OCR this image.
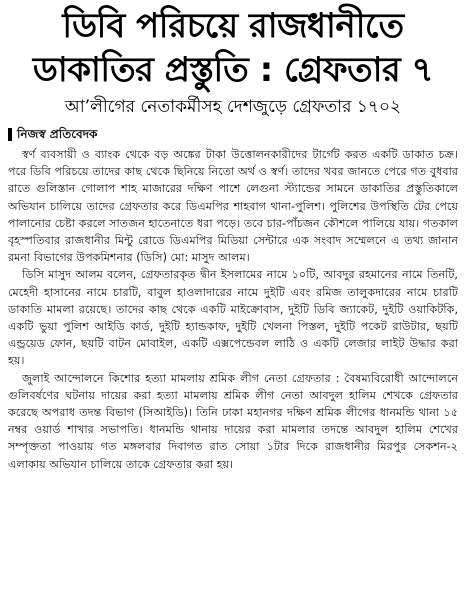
ডিবি পরিচয়ে রাজধানীতে
ডাকাতির প্রস্তুতি : গ্রেফতার ৭
আ’লীগের নেতাকর্মীসহ দেশজুড়ে গ্রেফতার ১৭০২
নিজস্ব প্রতিবেদক

স্বর্ণ ব্যবসায়ী ও ব্যাংক থেকে বড় অঙ্কের টাকা উত্তোলনকারীদের টার্গেট করত একটি ডাকাত চক্র। পরে ডিবি পরিচয়ে তাদের কাছ থেকে ছিনিয়ে নিতো অর্থ ও স্বর্ণ। তাদের খবর জানতে পেরে গত বুধবার রাতে গুলিস্তান গোলাপ শাহ মাজারের দক্ষিণ পাশে লেগুনা স্ট্যান্ডের সামনে ডাকাতির প্রস্তুতিকালে অভিযান চালিয়ে তাদের গ্রেফতার করে ডিএমপির শাহবাগ থানা-পুলিশ। পুলিশের উপস্থিতি টের পেয়ে পালানোর চেষ্টা করলে সাতজন হাতেনাতে ধরা পড়ে। তবে চার-পাঁচজন কৌশলে পালিয়ে যায়। গতকাল বৃহস্পতিবার রাজধানীর মিন্টু রোডে ডিএমপির মিডিয়া সেন্টারে এক সংবাদ সম্মেলনে এ তথ্য জানান রমনা বিভাগের উপকমিশনার (ডিসি) মো: মাসুদ আলম।

ডিসি মাসুদ আলম বলেন, গ্রেফতারকৃত দ্বীন ইসলামের নামে ১০টি, আবদুর রহমানের নামে তিনটি, মেহেদী হাসানের নামে চারটি, বাবুল হাওলাদারের নামে দুইটি এবং রমিজ তালুকদারের নামে চারটি ডাকাতি মামলা রয়েছে। তাদের কাছ থেকে একটি মাইক্রোবাস, দুইটি ডিবি জ্যাকেট, দুইটি ওয়াকিটকি, একটি ভুয়া পুলিশ আইডি কার্ড, দুইটি হ্যান্ডকাফ, দুইটি খেলনা পিস্তল, দুইটি পকেট রাউটার, ছয়টি এন্ড্রয়েড ফোন, ছয়টি বাটন মোবাইল, একটি এক্সপেন্ডেবল লাঠি ও একটি লেজার লাইট উদ্ধার করা হয়।

জুলাই আন্দোলনে কিশোর হত্যা মামলায় শ্রমিক লীগ নেতা গ্রেফতার : বৈষম্যবিরোধী আন্দোলনে গুলিবর্ষণের ঘটনায় দায়ের করা হত্যা মামলায় শ্রমিক লীগ নেতা আবদুল হালিম শেখকে গ্রেফতার করেছে অপরাধ তদন্ত বিভাগ (সিআইডি)। তিনি ঢাকা মহানগর দক্ষিণ শ্রমিক লীগের ধানমন্ডি থানা ১৫ নম্বর ওয়ার্ড শাখার সভাপতি। ধানমন্ডি থানায় দায়ের করা মামলার তদন্তে আবদুল হালিম শেখের সম্পৃক্ততা পাওয়ায় গত মঙ্গলবার দিবাগত রাত সোয়া ১টার দিকে রাজধানীর মিরপুর সেকশন-২ এলাকায় অভিযান চালিয়ে তাকে গ্রেফতার করা হয়।
